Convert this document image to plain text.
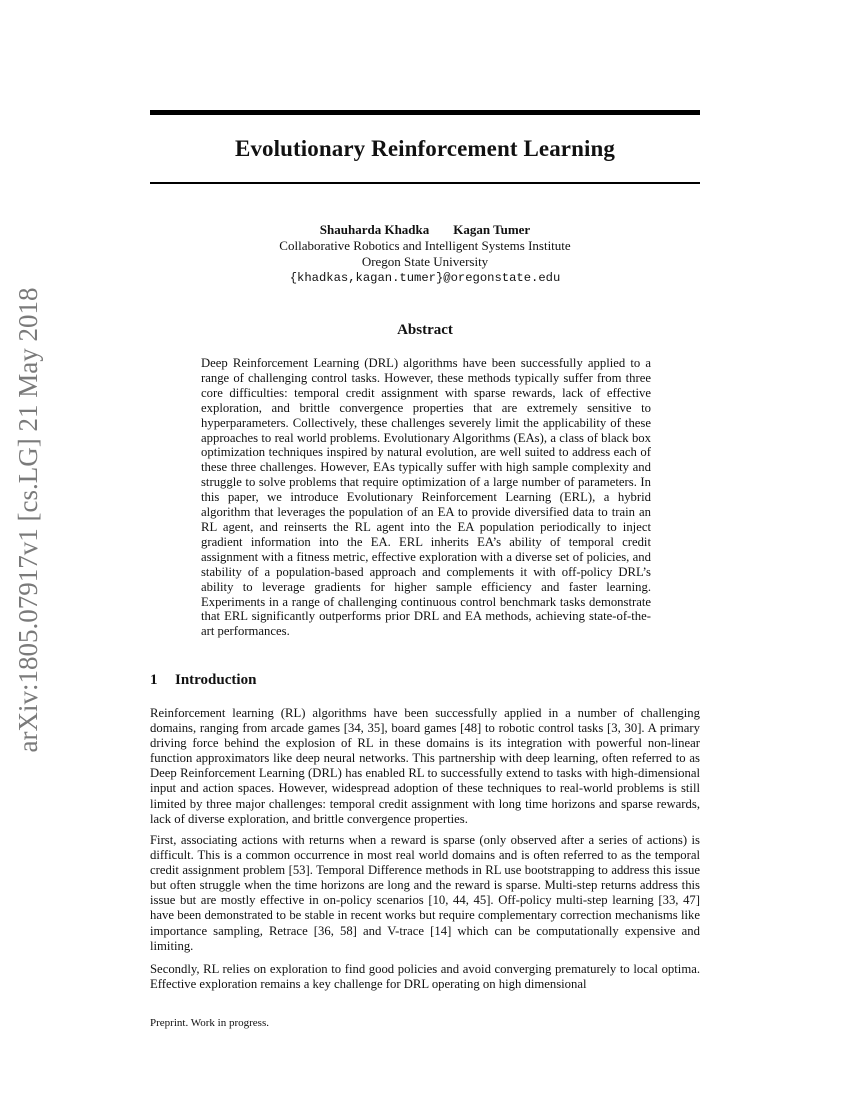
arXiv:1805.07917v1 [cs.LG] 21 May 2018
Evolutionary Reinforcement Learning
Shauharda Khadka Kagan Tumer
Collaborative Robotics and Intelligent Systems Institute
Oregon State University
{khadkas,kagan.tumer}@oregonstate.edu
Abstract

Deep Reinforcement Learning (DRL) algorithms have been successfully applied to a range of challenging control tasks. However, these methods typically suffer from three core difficulties: temporal credit assignment with sparse rewards, lack of effective exploration, and brittle convergence properties that are extremely sensitive to hyperparameters. Collectively, these challenges severely limit the applicability of these approaches to real world problems. Evolutionary Algorithms (EAs), a class of black box optimization techniques inspired by natural evolution, are well suited to address each of these three challenges. However, EAs typically suffer with high sample complexity and struggle to solve problems that require optimization of a large number of parameters. In this paper, we introduce Evolutionary Reinforcement Learning (ERL), a hybrid algorithm that leverages the population of an EA to provide diversified data to train an RL agent, and reinserts the RL agent into the EA population periodically to inject gradient information into the EA. ERL inherits EA’s ability of temporal credit assignment with a fitness metric, effective exploration with a diverse set of policies, and stability of a population-based approach and complements it with off-policy DRL’s ability to leverage gradients for higher sample efficiency and faster learning. Experiments in a range of challenging continuous control benchmark tasks demonstrate that ERL significantly outperforms prior DRL and EA methods, achieving state-of-the-art performances.

1 Introduction

Reinforcement learning (RL) algorithms have been successfully applied in a number of challenging domains, ranging from arcade games [34, 35], board games [48] to robotic control tasks [3, 30]. A primary driving force behind the explosion of RL in these domains is its integration with powerful non-linear function approximators like deep neural networks. This partnership with deep learning, often referred to as Deep Reinforcement Learning (DRL) has enabled RL to successfully extend to tasks with high-dimensional input and action spaces. However, widespread adoption of these techniques to real-world problems is still limited by three major challenges: temporal credit assignment with long time horizons and sparse rewards, lack of diverse exploration, and brittle convergence properties.

First, associating actions with returns when a reward is sparse (only observed after a series of actions) is difficult. This is a common occurrence in most real world domains and is often referred to as the temporal credit assignment problem [53]. Temporal Difference methods in RL use bootstrapping to address this issue but often struggle when the time horizons are long and the reward is sparse. Multi-step returns address this issue but are mostly effective in on-policy scenarios [10, 44, 45]. Off-policy multi-step learning [33, 47] have been demonstrated to be stable in recent works but require complementary correction mechanisms like importance sampling, Retrace [36, 58] and V-trace [14] which can be computationally expensive and limiting.

Secondly, RL relies on exploration to find good policies and avoid converging prematurely to local optima. Effective exploration remains a key challenge for DRL operating on high dimensional

Preprint. Work in progress.
